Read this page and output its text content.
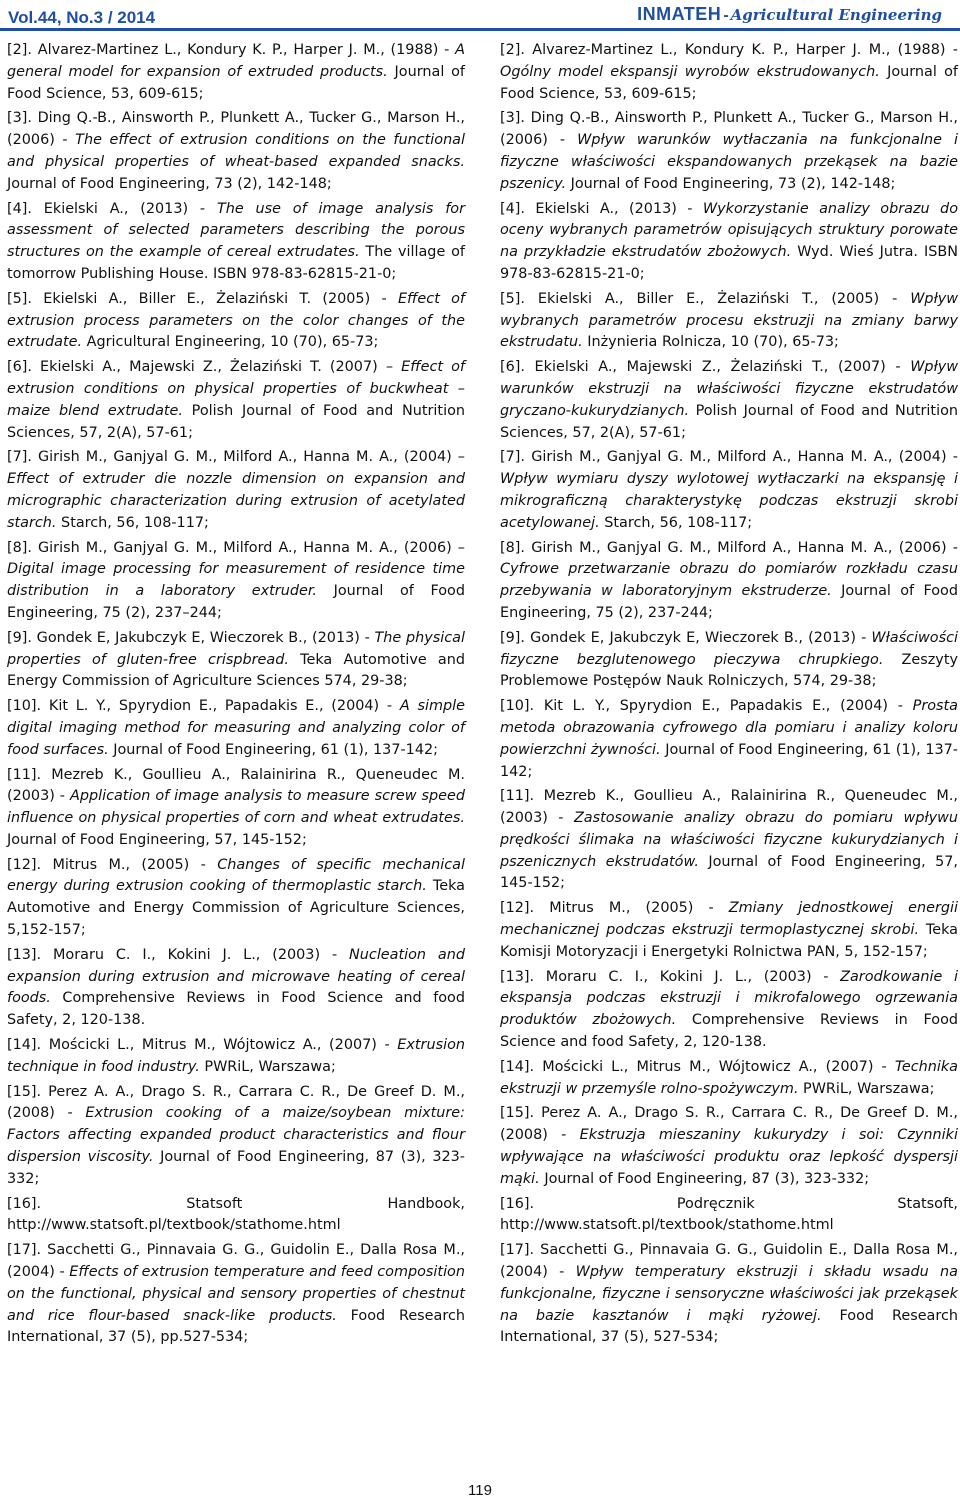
Vol.44, No.3 / 2014	INMATEH - Agricultural Engineering
[2]. Alvarez-Martinez L., Kondury K. P., Harper J. M., (1988) - A general model for expansion of extruded products. Journal of Food Science, 53, 609-615;
[3]. Ding Q.-B., Ainsworth P., Plunkett A., Tucker G., Marson H., (2006) - The effect of extrusion conditions on the functional and physical properties of wheat-based expanded snacks. Journal of Food Engineering, 73 (2), 142-148;
[4]. Ekielski A., (2013) - The use of image analysis for assessment of selected parameters describing the porous structures on the example of cereal extrudates. The village of tomorrow Publishing House. ISBN 978-83-62815-21-0;
[5]. Ekielski A., Biller E., Żelaziński T. (2005) - Effect of extrusion process parameters on the color changes of the extrudate. Agricultural Engineering, 10 (70), 65-73;
[6]. Ekielski A., Majewski Z., Żelaziński T. (2007) – Effect of extrusion conditions on physical properties of buckwheat –maize blend extrudate. Polish Journal of Food and Nutrition Sciences, 57, 2(A), 57-61;
[7]. Girish M., Ganjyal G. M., Milford A., Hanna M. A., (2004) – Effect of extruder die nozzle dimension on expansion and micrographic characterization during extrusion of acetylated starch. Starch, 56, 108-117;
[8]. Girish M., Ganjyal G. M., Milford A., Hanna M. A., (2006) – Digital image processing for measurement of residence time distribution in a laboratory extruder. Journal of Food Engineering, 75 (2), 237–244;
[9]. Gondek E, Jakubczyk E, Wieczorek B., (2013) - The physical properties of gluten-free crispbread. Teka Automotive and Energy Commission of Agriculture Sciences 574, 29-38;
[10]. Kit L. Y., Spyrydion E., Papadakis E., (2004) - A simple digital imaging method for measuring and analyzing color of food surfaces. Journal of Food Engineering, 61 (1), 137-142;
[11]. Mezreb K., Goullieu A., Ralainirina R., Queneudec M. (2003) - Application of image analysis to measure screw speed influence on physical properties of corn and wheat extrudates. Journal of Food Engineering, 57, 145-152;
[12]. Mitrus M., (2005) - Changes of specific mechanical energy during extrusion cooking of thermoplastic starch. Teka Automotive and Energy Commission of Agriculture Sciences, 5,152-157;
[13]. Moraru C. I., Kokini J. L., (2003) - Nucleation and expansion during extrusion and microwave heating of cereal foods. Comprehensive Reviews in Food Science and food Safety, 2, 120-138.
[14]. Mościcki L., Mitrus M., Wójtowicz A., (2007) - Extrusion technique in food industry. PWRiL, Warszawa;
[15]. Perez A. A., Drago S. R., Carrara C. R., De Greef D. M., (2008) - Extrusion cooking of a maize/soybean mixture: Factors affecting expanded product characteristics and flour dispersion viscosity. Journal of Food Engineering, 87 (3), 323-332;
[16]. Statsoft Handbook, http://www.statsoft.pl/textbook/stathome.html
[17]. Sacchetti G., Pinnavaia G. G., Guidolin E., Dalla Rosa M., (2004) - Effects of extrusion temperature and feed composition on the functional, physical and sensory properties of chestnut and rice flour-based snack-like products. Food Research International, 37 (5), pp.527-534;
[2]. Alvarez-Martinez L., Kondury K. P., Harper J. M., (1988) - Ogólny model ekspansji wyrobów ekstrudowanych. Journal of Food Science, 53, 609-615;
[3]. Ding Q.-B., Ainsworth P., Plunkett A., Tucker G., Marson H., (2006) - Wpływ warunków wytłaczania na funkcjonalne i fizyczne właściwości ekspandowanych przekąsek na bazie pszenicy. Journal of Food Engineering, 73 (2), 142-148;
[4]. Ekielski A., (2013) - Wykorzystanie analizy obrazu do oceny wybranych parametrów opisujących struktury porowate na przykładzie ekstrudatów zbożowych. Wyd. Wieś Jutra. ISBN 978-83-62815-21-0;
[5]. Ekielski A., Biller E., Żelaziński T., (2005) - Wpływ wybranych parametrów procesu ekstruzji na zmiany barwy ekstrudatu. Inżynieria Rolnicza, 10 (70), 65-73;
[6]. Ekielski A., Majewski Z., Żelaziński T., (2007) - Wpływ warunków ekstruzji na właściwości fizyczne ekstrudatów gryczano-kukurydzianych. Polish Journal of Food and Nutrition Sciences, 57, 2(A), 57-61;
[7]. Girish M., Ganjyal G. M., Milford A., Hanna M. A., (2004) - Wpływ wymiaru dyszy wylotowej wytłaczarki na ekspansję i mikrograficzną charakterystykę podczas ekstruzji skrobi acetylowanej. Starch, 56, 108-117;
[8]. Girish M., Ganjyal G. M., Milford A., Hanna M. A., (2006) - Cyfrowe przetwarzanie obrazu do pomiarów rozkładu czasu przebywania w laboratoryjnym ekstruderze. Journal of Food Engineering, 75 (2), 237-244;
[9]. Gondek E, Jakubczyk E, Wieczorek B., (2013) - Właściwości fizyczne bezglutenowego pieczywa chrupkiego. Zeszyty Problemowe Postępów Nauk Rolniczych, 574, 29-38;
[10]. Kit L. Y., Spyrydion E., Papadakis E., (2004) - Prosta metoda obrazowania cyfrowego dla pomiaru i analizy koloru powierzchni żywności. Journal of Food Engineering, 61 (1), 137-142;
[11]. Mezreb K., Goullieu A., Ralainirina R., Queneudec M., (2003) - Zastosowanie analizy obrazu do pomiaru wpływu prędkości ślimaka na właściwości fizyczne kukurydzianych i pszenicznych ekstrudatów. Journal of Food Engineering, 57, 145-152;
[12]. Mitrus M., (2005) - Zmiany jednostkowej energii mechanicznej podczas ekstruzji termoplastycznej skrobi. Teka Komisji Motoryzacji i Energetyki Rolnictwa PAN, 5, 152-157;
[13]. Moraru C. I., Kokini J. L., (2003) - Zarodkowanie i ekspansja podczas ekstruzji i mikrofalowego ogrzewania produktów zbożowych. Comprehensive Reviews in Food Science and food Safety, 2, 120-138.
[14]. Mościcki L., Mitrus M., Wójtowicz A., (2007) - Technika ekstruzji w przemyśle rolno-spożywczym. PWRiL, Warszawa;
[15]. Perez A. A., Drago S. R., Carrara C. R., De Greef D. M., (2008) - Ekstruzja mieszaniny kukurydzy i soi: Czynniki wpływające na właściwości produktu oraz lepkość dyspersji mąki. Journal of Food Engineering, 87 (3), 323-332;
[16]. Podręcznik Statsoft, http://www.statsoft.pl/textbook/stathome.html
[17]. Sacchetti G., Pinnavaia G. G., Guidolin E., Dalla Rosa M., (2004) - Wpływ temperatury ekstruzji i składu wsadu na funkcjonalne, fizyczne i sensoryczne właściwości jak przekąsek na bazie kasztanów i mąki ryżowej. Food Research International, 37 (5), 527-534;
119
